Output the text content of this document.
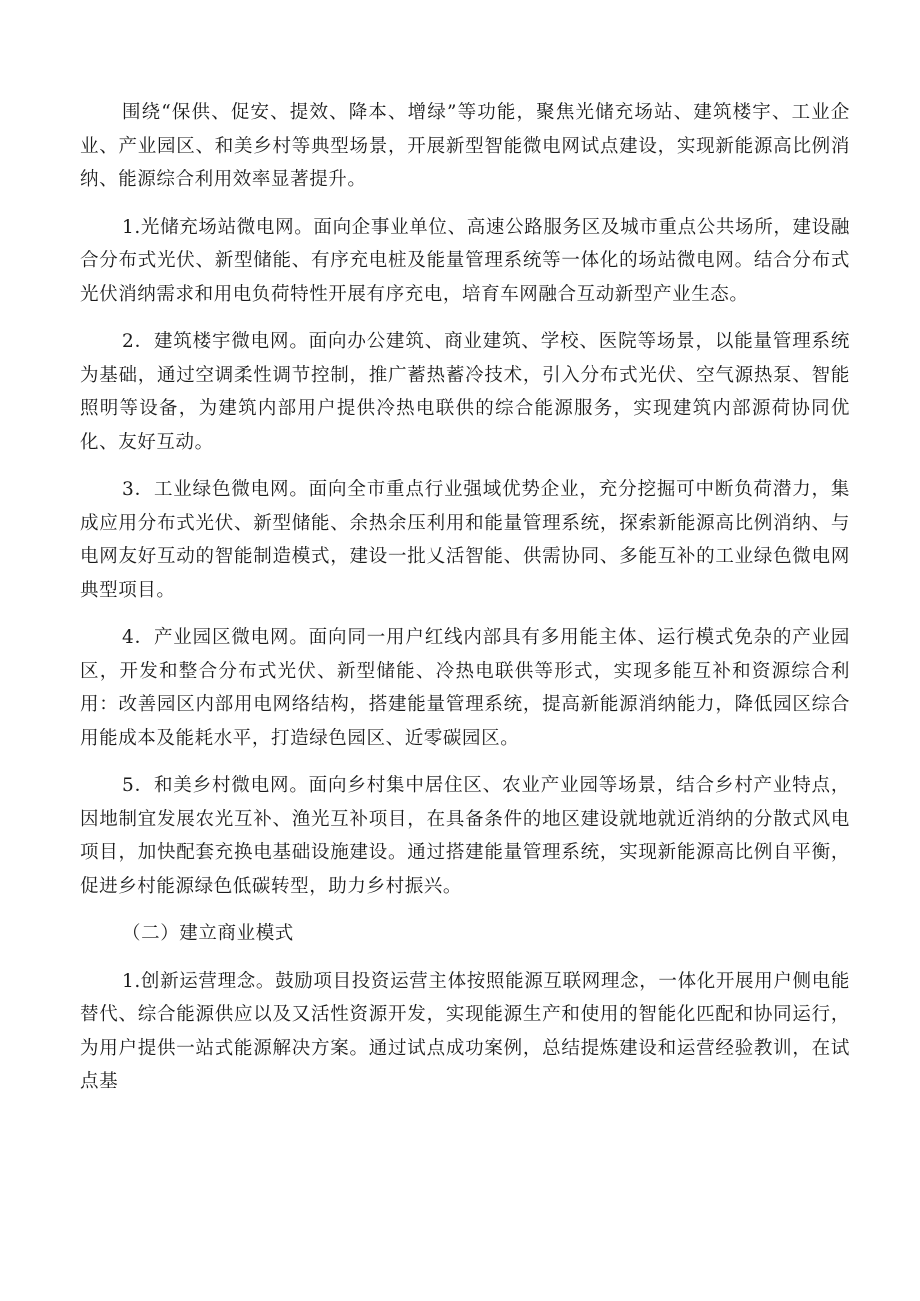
围绕“保供、促安、提效、降本、增绿”等功能，聚焦光储充场站、建筑楼宇、工业企业、产业园区、和美乡村等典型场景，开展新型智能微电网试点建设，实现新能源高比例消纳、能源综合利用效率显著提升。

1.光储充场站微电网。面向企事业单位、高速公路服务区及城市重点公共场所，建设融合分布式光伏、新型储能、有序充电桩及能量管理系统等一体化的场站微电网。结合分布式光伏消纳需求和用电负荷特性开展有序充电，培育车网融合互动新型产业生态。

2．建筑楼宇微电网。面向办公建筑、商业建筑、学校、医院等场景，以能量管理系统为基础，通过空调柔性调节控制，推广蓄热蓄冷技术，引入分布式光伏、空气源热泵、智能照明等设备，为建筑内部用户提供冷热电联供的综合能源服务，实现建筑内部源荷协同优化、友好互动。

3．工业绿色微电网。面向全市重点行业强域优势企业，充分挖掘可中断负荷潜力，集成应用分布式光伏、新型储能、余热余压利用和能量管理系统，探索新能源高比例消纳、与电网友好互动的智能制造模式，建设一批乂活智能、供需协同、多能互补的工业绿色微电网典型项目。

4．产业园区微电网。面向同一用户红线内部具有多用能主体、运行模式免杂的产业园区，开发和整合分布式光伏、新型储能、冷热电联供等形式，实现多能互补和资源综合利用：改善园区内部用电网络结构，搭建能量管理系统，提高新能源消纳能力，降低园区综合用能成本及能耗水平，打造绿色园区、近零碳园区。

5．和美乡村微电网。面向乡村集中居住区、农业产业园等场景，结合乡村产业特点，因地制宜发展农光互补、渔光互补项目，在具备条件的地区建设就地就近消纳的分散式风电项目，加快配套充换电基础设施建设。通过搭建能量管理系统，实现新能源高比例自平衡，促进乡村能源绿色低碳转型，助力乡村振兴。

（二）建立商业模式

1.创新运营理念。鼓励项目投资运营主体按照能源互联网理念，一体化开展用户侧电能替代、综合能源供应以及又活性资源开发，实现能源生产和使用的智能化匹配和协同运行，为用户提供一站式能源解决方案。通过试点成功案例，总结提炼建设和运营经验教训，在试点基
